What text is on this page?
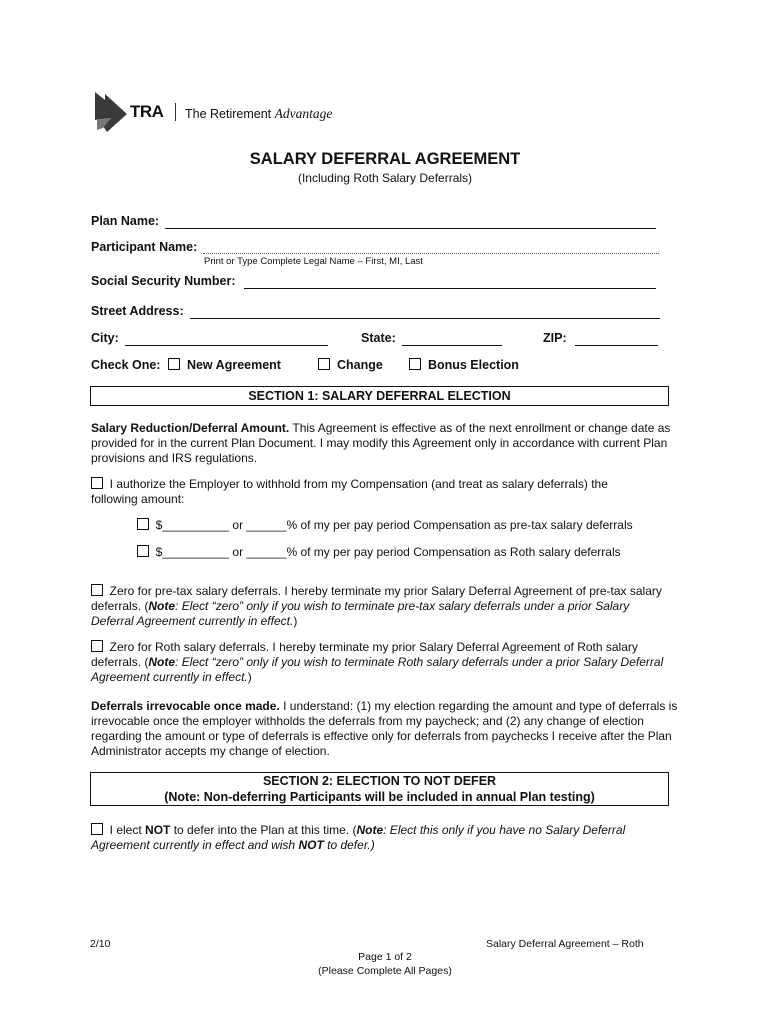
TRA The Retirement Advantage
SALARY DEFERRAL AGREEMENT
(Including Roth Salary Deferrals)
Plan Name:
Participant Name:
Print or Type Complete Legal Name – First, MI, Last
Social Security Number:
Street Address:
City:	State:	ZIP:
Check One:	New Agreement	Change	Bonus Election
SECTION 1: SALARY DEFERRAL ELECTION
Salary Reduction/Deferral Amount. This Agreement is effective as of the next enrollment or change date as provided for in the current Plan Document. I may modify this Agreement only in accordance with current Plan provisions and IRS regulations.
I authorize the Employer to withhold from my Compensation (and treat as salary deferrals) the following amount:
$__________ or ______% of my per pay period Compensation as pre-tax salary deferrals
$__________ or ______% of my per pay period Compensation as Roth salary deferrals
Zero for pre-tax salary deferrals. I hereby terminate my prior Salary Deferral Agreement of pre-tax salary deferrals. (Note: Elect “zero” only if you wish to terminate pre-tax salary deferrals under a prior Salary Deferral Agreement currently in effect.)
Zero for Roth salary deferrals. I hereby terminate my prior Salary Deferral Agreement of Roth salary deferrals. (Note: Elect “zero” only if you wish to terminate Roth salary deferrals under a prior Salary Deferral Agreement currently in effect.)
Deferrals irrevocable once made. I understand: (1) my election regarding the amount and type of deferrals is irrevocable once the employer withholds the deferrals from my paycheck; and (2) any change of election regarding the amount or type of deferrals is effective only for deferrals from paychecks I receive after the Plan Administrator accepts my change of election.
SECTION 2: ELECTION TO NOT DEFER
(Note: Non-deferring Participants will be included in annual Plan testing)
I elect NOT to defer into the Plan at this time. (Note: Elect this only if you have no Salary Deferral Agreement currently in effect and wish NOT to defer.)
2/10	Salary Deferral Agreement – Roth
Page 1 of 2
(Please Complete All Pages)
